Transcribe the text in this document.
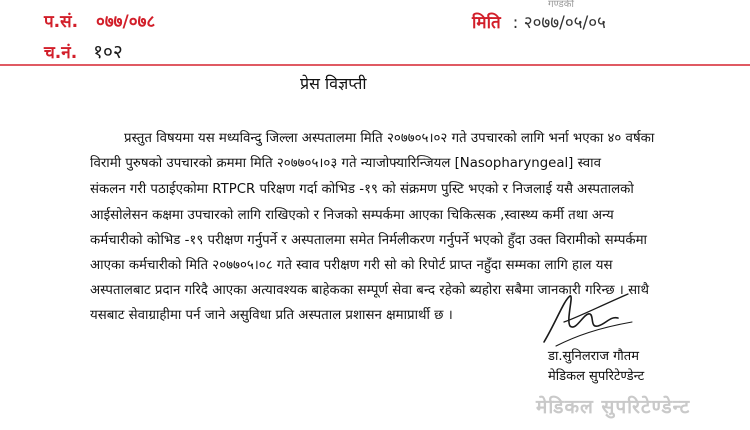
गण्डकी
प.सं. ०७७/०७८
च.नं. १०२
मिति : २०७७/०५/०५
प्रेस विज्ञप्ती
प्रस्तुत विषयमा यस मध्यविन्दु जिल्ला अस्पतालमा मिति २०७७०५।०२ गते उपचारको लागि भर्ना भएका ४० वर्षका
विरामी पुरुषको उपचारको क्रममा मिति २०७७०५।०३ गते न्याजोफ्यारिन्जियल [Nasopharyngeal] स्वाव
संकलन गरी पठाईएकोमा RTPCR परिक्षण गर्दा कोभिड -१९ को संक्रमण पुस्टि भएको र निजलाई यसै अस्पतालको
आईसोलेसन कक्षमा उपचारको लागि राखिएको र निजको सम्पर्कमा आएका चिकित्सक ,स्वास्थ्य कर्मी तथा अन्य
कर्मचारीको कोभिड -१९ परीक्षण गर्नुपर्ने र अस्पतालमा समेत निर्मलीकरण गर्नुपर्ने भएको हुँदा उक्त विरामीको सम्पर्कमा
आएका कर्मचारीको मिति २०७७०५।०८ गते स्वाव परीक्षण गरी सो को रिपोर्ट प्राप्त नहुँदा सम्मका लागि हाल यस
अस्पतालबाट प्रदान गरिदै आएका अत्यावश्यक बाहेकका सम्पूर्ण सेवा बन्द रहेको ब्यहोरा सबैमा जानकारी गरिन्छ । साथै
यसबाट सेवाग्राहीमा पर्न जाने असुविधा प्रति अस्पताल प्रशासन क्षमाप्रार्थी छ ।
डा.सुनिलराज गौतम
मेडिकल सुपरिटेण्डेन्ट
मेडिकल सुपरिटेण्डेन्ट
